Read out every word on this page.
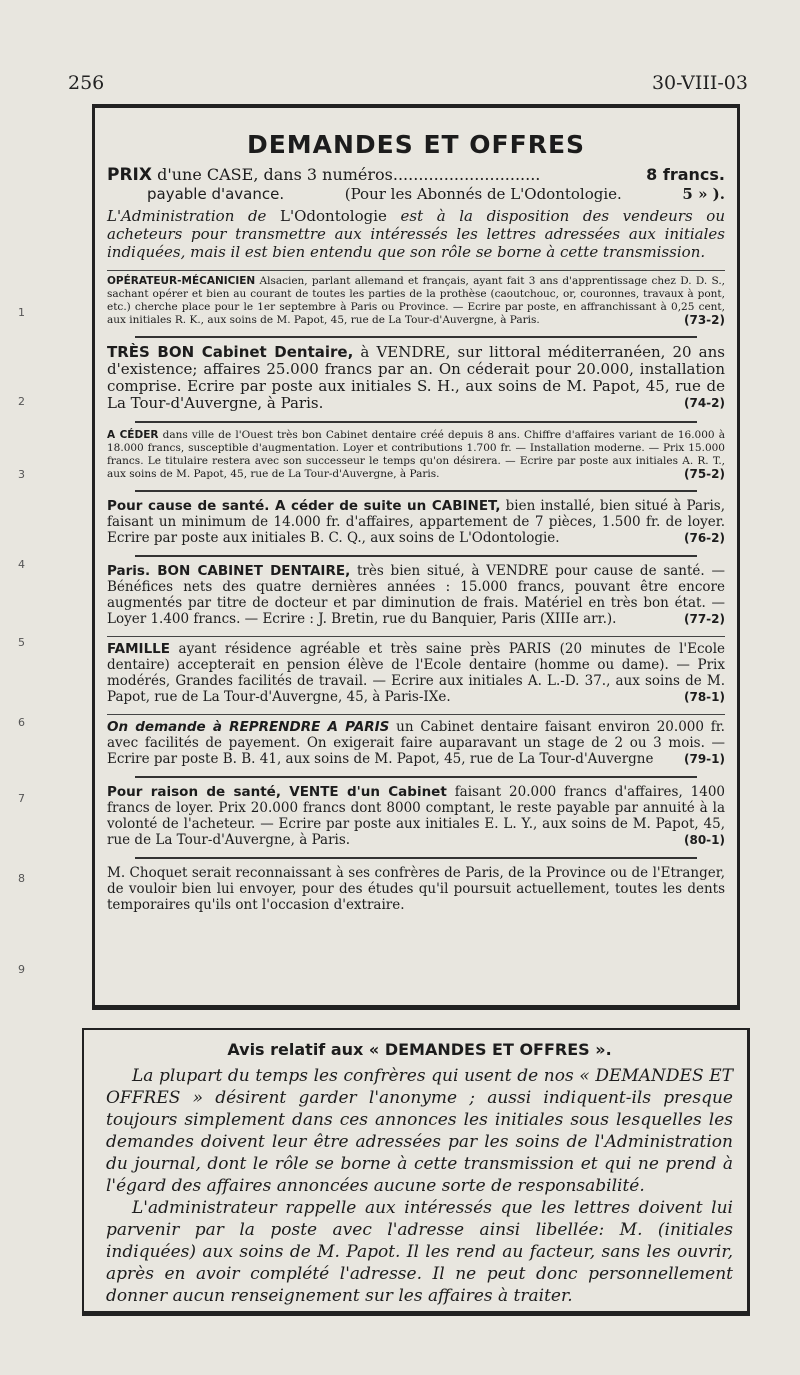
256	30-VIII-03
1
2
3
4
5
6
7
8
9
DEMANDES ET OFFRES
PRIX d'une CASE, dans 3 numéros.............................	8 francs.
payable d'avance.	(Pour les Abonnés de L'Odontologie.	5 » ).
L'Administration de L'Odontologie est à la disposition des vendeurs ou acheteurs pour transmettre aux intéressés les lettres adressées aux initiales indiquées, mais il est bien entendu que son rôle se borne à cette transmission.
OPÉRATEUR-MÉCANICIEN Alsacien, parlant allemand et français, ayant fait 3 ans d'apprentissage chez D. D. S., sachant opérer et bien au courant de toutes les parties de la prothèse (caoutchouc, or, couronnes, travaux à pont, etc.) cherche place pour le 1er septembre à Paris ou Province. — Ecrire par poste, en affranchissant à 0,25 cent, aux initiales R. K., aux soins de M. Papot, 45, rue de La Tour-d'Auvergne, à Paris.	(73-2)
TRÈS BON Cabinet Dentaire, à VENDRE, sur littoral méditerranéen, 20 ans d'existence; affaires 25.000 francs par an. On céderait pour 20.000, installation comprise. Ecrire par poste aux initiales S. H., aux soins de M. Papot, 45, rue de La Tour-d'Auvergne, à Paris.	(74-2)
A CÉDER dans ville de l'Ouest très bon Cabinet dentaire créé depuis 8 ans. Chiffre d'affaires variant de 16.000 à 18.000 francs, susceptible d'augmentation. Loyer et contributions 1.700 fr. — Installation moderne. — Prix 15.000 francs. Le titulaire restera avec son successeur le temps qu'on désirera. — Ecrire par poste aux initiales A. R. T., aux soins de M. Papot, 45, rue de La Tour-d'Auvergne, à Paris.	(75-2)
Pour cause de santé. A céder de suite un CABINET, bien installé, bien situé à Paris, faisant un minimum de 14.000 fr. d'affaires, appartement de 7 pièces, 1.500 fr. de loyer. Ecrire par poste aux initiales B. C. Q., aux soins de L'Odontologie.	(76-2)
Paris. BON CABINET DENTAIRE, très bien situé, à VENDRE pour cause de santé. — Bénéfices nets des quatre dernières années : 15.000 francs, pouvant être encore augmentés par titre de docteur et par diminution de frais. Matériel en très bon état. — Loyer 1.400 francs. — Ecrire : J. Bretin, rue du Banquier, Paris (XIIIe arr.).	(77-2)
FAMILLE ayant résidence agréable et très saine près PARIS (20 minutes de l'Ecole dentaire) accepterait en pension élève de l'Ecole dentaire (homme ou dame). — Prix modérés, Grandes facilités de travail. — Ecrire aux initiales A. L.-D. 37., aux soins de M. Papot, rue de La Tour-d'Auvergne, 45, à Paris-IXe.	(78-1)
On demande à REPRENDRE A PARIS un Cabinet dentaire faisant environ 20.000 fr. avec facilités de payement. On exigerait faire auparavant un stage de 2 ou 3 mois. — Ecrire par poste B. B. 41, aux soins de M. Papot, 45, rue de La Tour-d'Auvergne	(79-1)
Pour raison de santé, VENTE d'un Cabinet faisant 20.000 francs d'affaires, 1400 francs de loyer. Prix 20.000 francs dont 8000 comptant, le reste payable par annuité à la volonté de l'acheteur. — Ecrire par poste aux initiales E. L. Y., aux soins de M. Papot, 45, rue de La Tour-d'Auvergne, à Paris.	(80-1)
M. Choquet serait reconnaissant à ses confrères de Paris, de la Province ou de l'Etranger, de vouloir bien lui envoyer, pour des études qu'il poursuit actuellement, toutes les dents temporaires qu'ils ont l'occasion d'extraire.
Avis relatif aux « DEMANDES ET OFFRES ».

La plupart du temps les confrères qui usent de nos « DEMANDES ET OFFRES » désirent garder l'anonyme ; aussi indiquent-ils presque toujours simplement dans ces annonces les initiales sous lesquelles les demandes doivent leur être adressées par les soins de l'Administration du journal, dont le rôle se borne à cette transmission et qui ne prend à l'égard des affaires annoncées aucune sorte de responsabilité.

L'administrateur rappelle aux intéressés que les lettres doivent lui parvenir par la poste avec l'adresse ainsi libellée: M. (initiales indiquées) aux soins de M. Papot. Il les rend au facteur, sans les ouvrir, après en avoir complété l'adresse. Il ne peut donc personnellement donner aucun renseignement sur les affaires à traiter.
